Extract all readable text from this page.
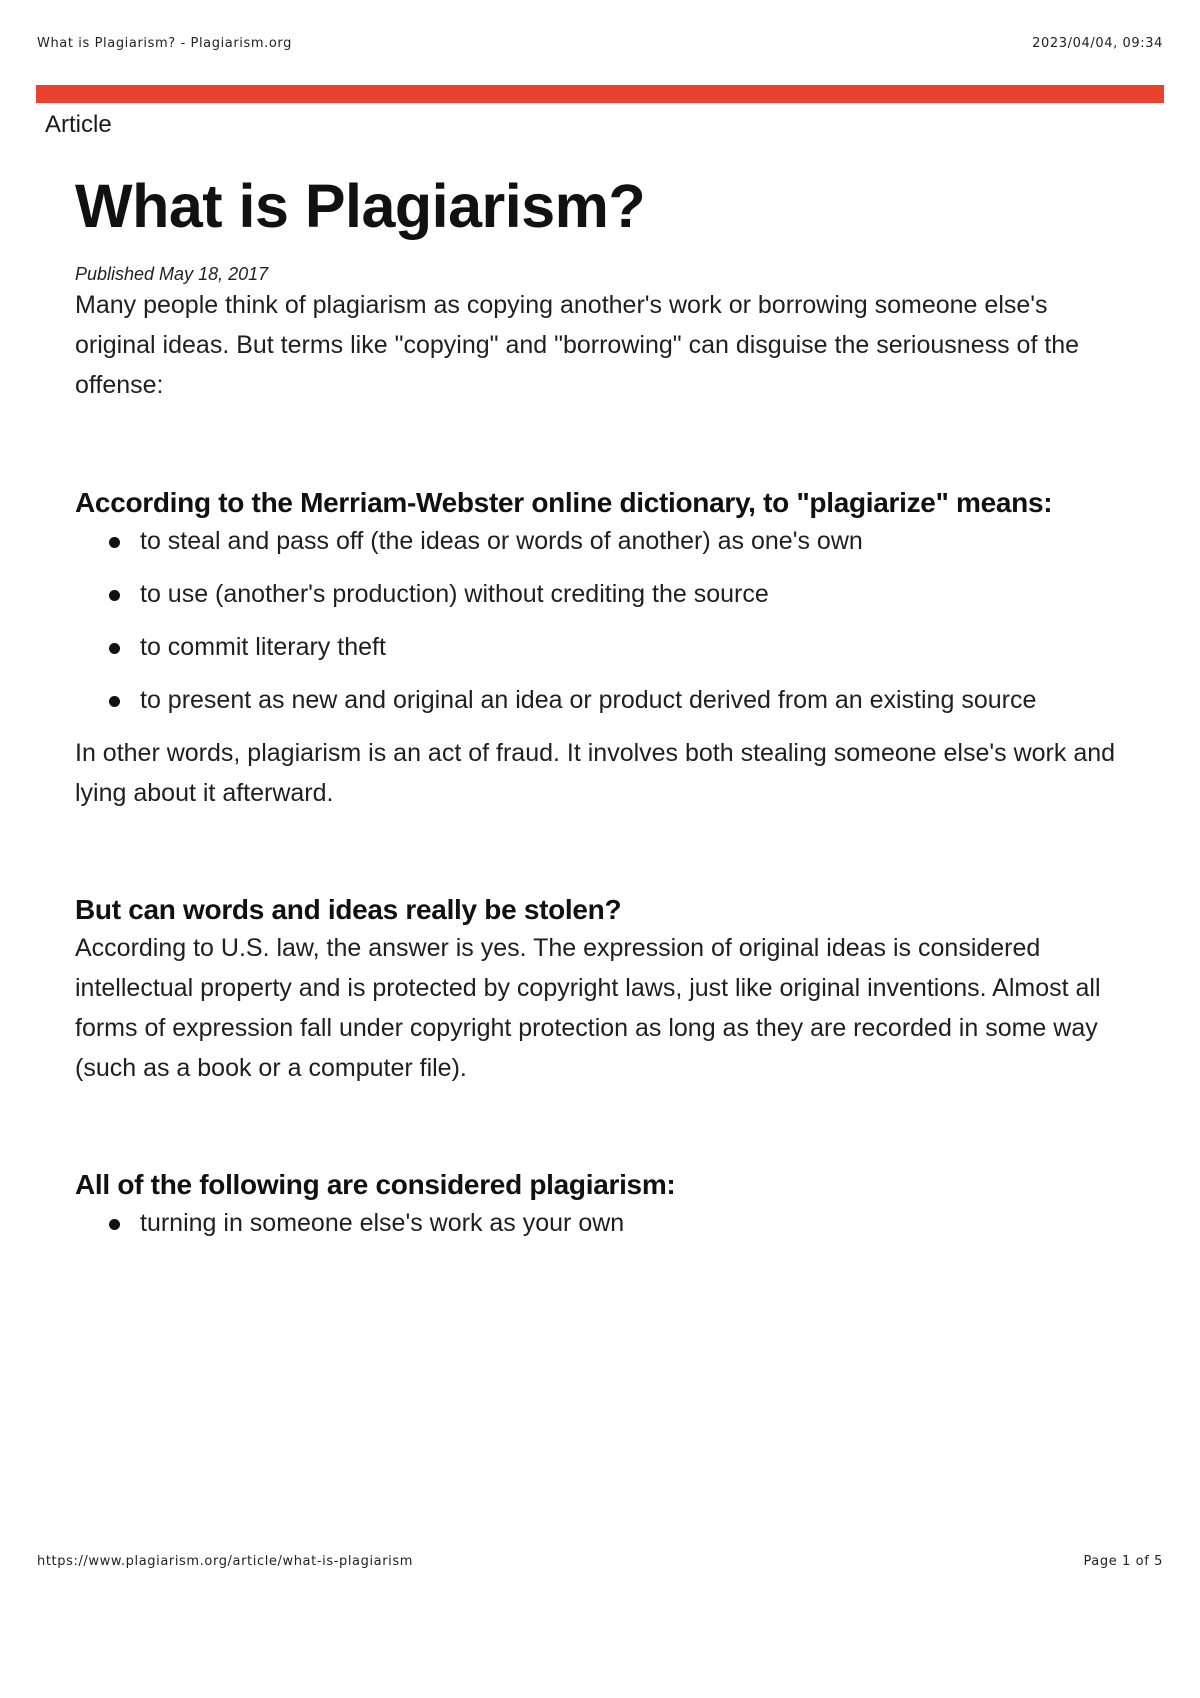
What is Plagiarism? - Plagiarism.org	2023/04/04, 09:34
Article
What is Plagiarism?
Published May 18, 2017

Many people think of plagiarism as copying another's work or borrowing someone else's original ideas. But terms like "copying" and "borrowing" can disguise the seriousness of the offense:

According to the Merriam-Webster online dictionary, to "plagiarize" means:
to steal and pass off (the ideas or words of another) as one's own
to use (another's production) without crediting the source
to commit literary theft
to present as new and original an idea or product derived from an existing source

In other words, plagiarism is an act of fraud. It involves both stealing someone else's work and lying about it afterward.

But can words and ideas really be stolen?

According to U.S. law, the answer is yes. The expression of original ideas is considered intellectual property and is protected by copyright laws, just like original inventions. Almost all forms of expression fall under copyright protection as long as they are recorded in some way (such as a book or a computer file).

All of the following are considered plagiarism:
turning in someone else's work as your own
https://www.plagiarism.org/article/what-is-plagiarism	Page 1 of 5
